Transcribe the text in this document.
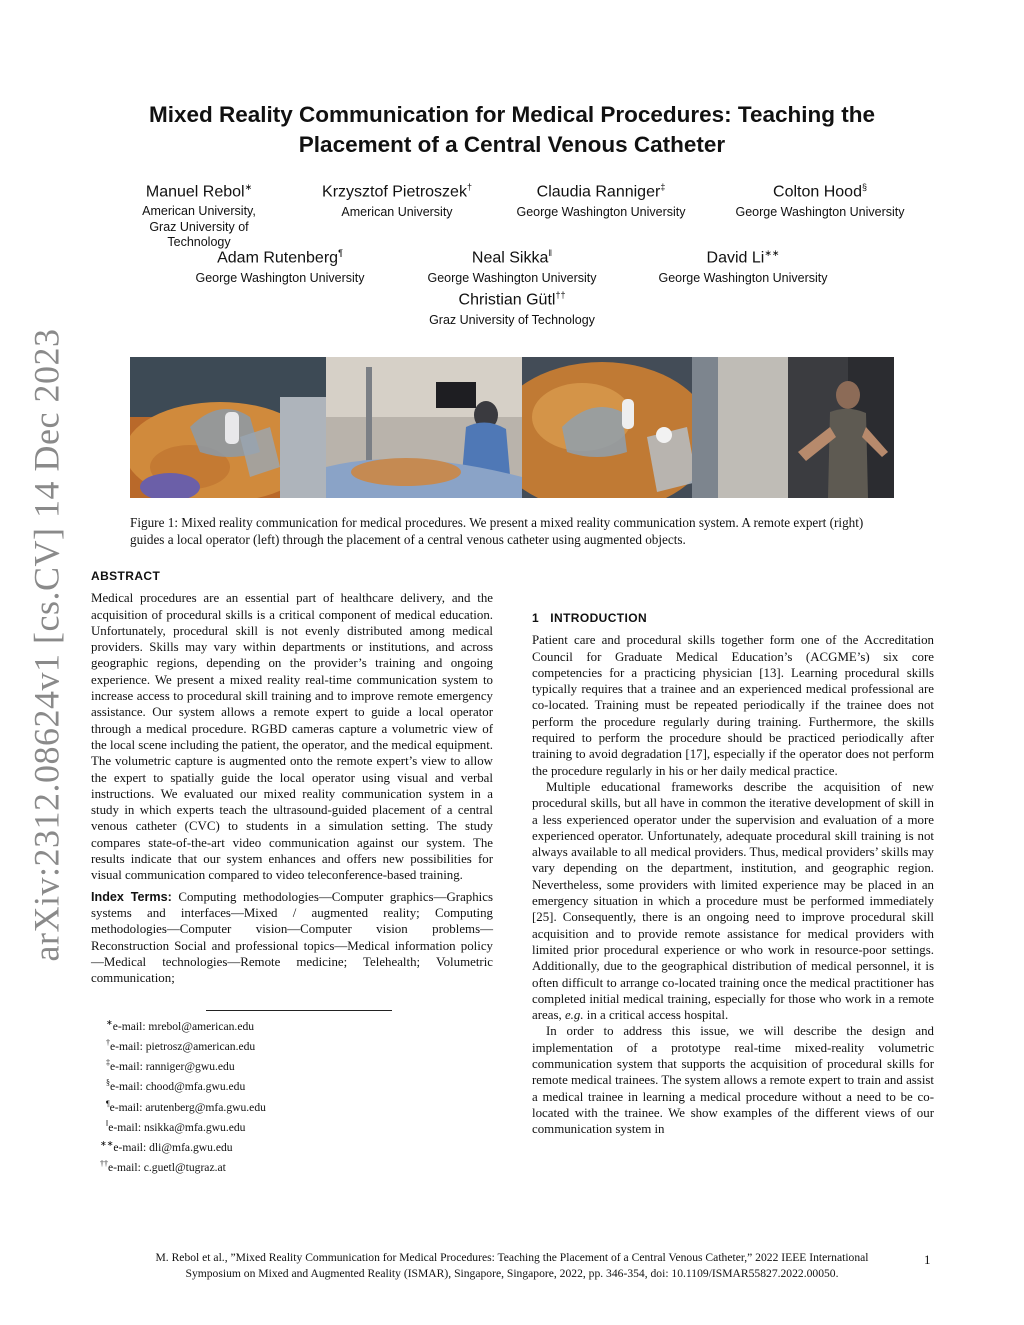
arXiv:2312.08624v1 [cs.CV] 14 Dec 2023
Mixed Reality Communication for Medical Procedures: Teaching the
Placement of a Central Venous Catheter
Manuel Rebol∗
American University,
Graz University of
Technology
Krzysztof Pietroszek†
American University
Claudia Ranniger‡
George Washington University
Colton Hood§
George Washington University
Adam Rutenberg¶
George Washington University
Neal Sikka‖
George Washington University
David Li∗∗
George Washington University
Christian Gütl††
Graz University of Technology
Figure 1: Mixed reality communication for medical procedures. We present a mixed reality communication system. A remote expert (right) guides a local operator (left) through the placement of a central venous catheter using augmented objects.
ABSTRACT

Medical procedures are an essential part of healthcare delivery, and the acquisition of procedural skills is a critical component of medical education. Unfortunately, procedural skill is not evenly distributed among medical providers. Skills may vary within departments or institutions, and across geographic regions, depending on the provider’s training and ongoing experience. We present a mixed reality real-time communication system to increase access to procedural skill training and to improve remote emergency assistance. Our system allows a remote expert to guide a local operator through a medical procedure. RGBD cameras capture a volumetric view of the local scene including the patient, the operator, and the medical equipment. The volumetric capture is augmented onto the remote expert’s view to allow the expert to spatially guide the local operator using visual and verbal instructions. We evaluated our mixed reality communication system in a study in which experts teach the ultrasound-guided placement of a central venous catheter (CVC) to students in a simulation setting. The study compares state-of-the-art video communication against our system. The results indicate that our system enhances and offers new possibilities for visual communication compared to video teleconference-based training.

Index Terms: Computing methodologies—Computer graphics—Graphics systems and interfaces—Mixed / augmented reality; Computing methodologies—Computer vision—Computer vision problems—Reconstruction Social and professional topics—Medical information policy—Medical technologies—Remote medicine; Telehealth; Volumetric communication;

∗e-mail: mrebol@american.edu
†e-mail: pietrosz@american.edu
‡e-mail: ranniger@gwu.edu
§e-mail: chood@mfa.gwu.edu
¶e-mail: arutenberg@mfa.gwu.edu
‖e-mail: nsikka@mfa.gwu.edu
∗∗e-mail: dli@mfa.gwu.edu
††e-mail: c.guetl@tugraz.at

1 INTRODUCTION

Patient care and procedural skills together form one of the Accreditation Council for Graduate Medical Education’s (ACGME’s) six core competencies for a practicing physician [13]. Learning procedural skills typically requires that a trainee and an experienced medical professional are co-located. Training must be repeated periodically if the trainee does not perform the procedure regularly during training. Furthermore, the skills required to perform the procedure should be practiced periodically after training to avoid degradation [17], especially if the operator does not perform the procedure regularly in his or her daily medical practice.

Multiple educational frameworks describe the acquisition of new procedural skills, but all have in common the iterative development of skill in a less experienced operator under the supervision and evaluation of a more experienced operator. Unfortunately, adequate procedural skill training is not always available to all medical providers. Thus, medical providers’ skills may vary depending on the department, institution, and geographic region. Nevertheless, some providers with limited experience may be placed in an emergency situation in which a procedure must be performed immediately [25]. Consequently, there is an ongoing need to improve procedural skill acquisition and to provide remote assistance for medical providers with limited prior procedural experience or who work in resource-poor settings. Additionally, due to the geographical distribution of medical personnel, it is often difficult to arrange co-located training once the medical practitioner has completed initial medical training, especially for those who work in a remote areas, e.g. in a critical access hospital.

In order to address this issue, we will describe the design and implementation of a prototype real-time mixed-reality volumetric communication system that supports the acquisition of procedural skills for remote medical trainees. The system allows a remote expert to train and assist a medical trainee in learning a medical procedure without a need to be co-located with the trainee. We show examples of the different views of our communication system in

M. Rebol et al., ”Mixed Reality Communication for Medical Procedures: Teaching the Placement of a Central Venous Catheter,” 2022 IEEE International Symposium on Mixed and Augmented Reality (ISMAR), Singapore, Singapore, 2022, pp. 346-354, doi: 10.1109/ISMAR55827.2022.00050.
1
